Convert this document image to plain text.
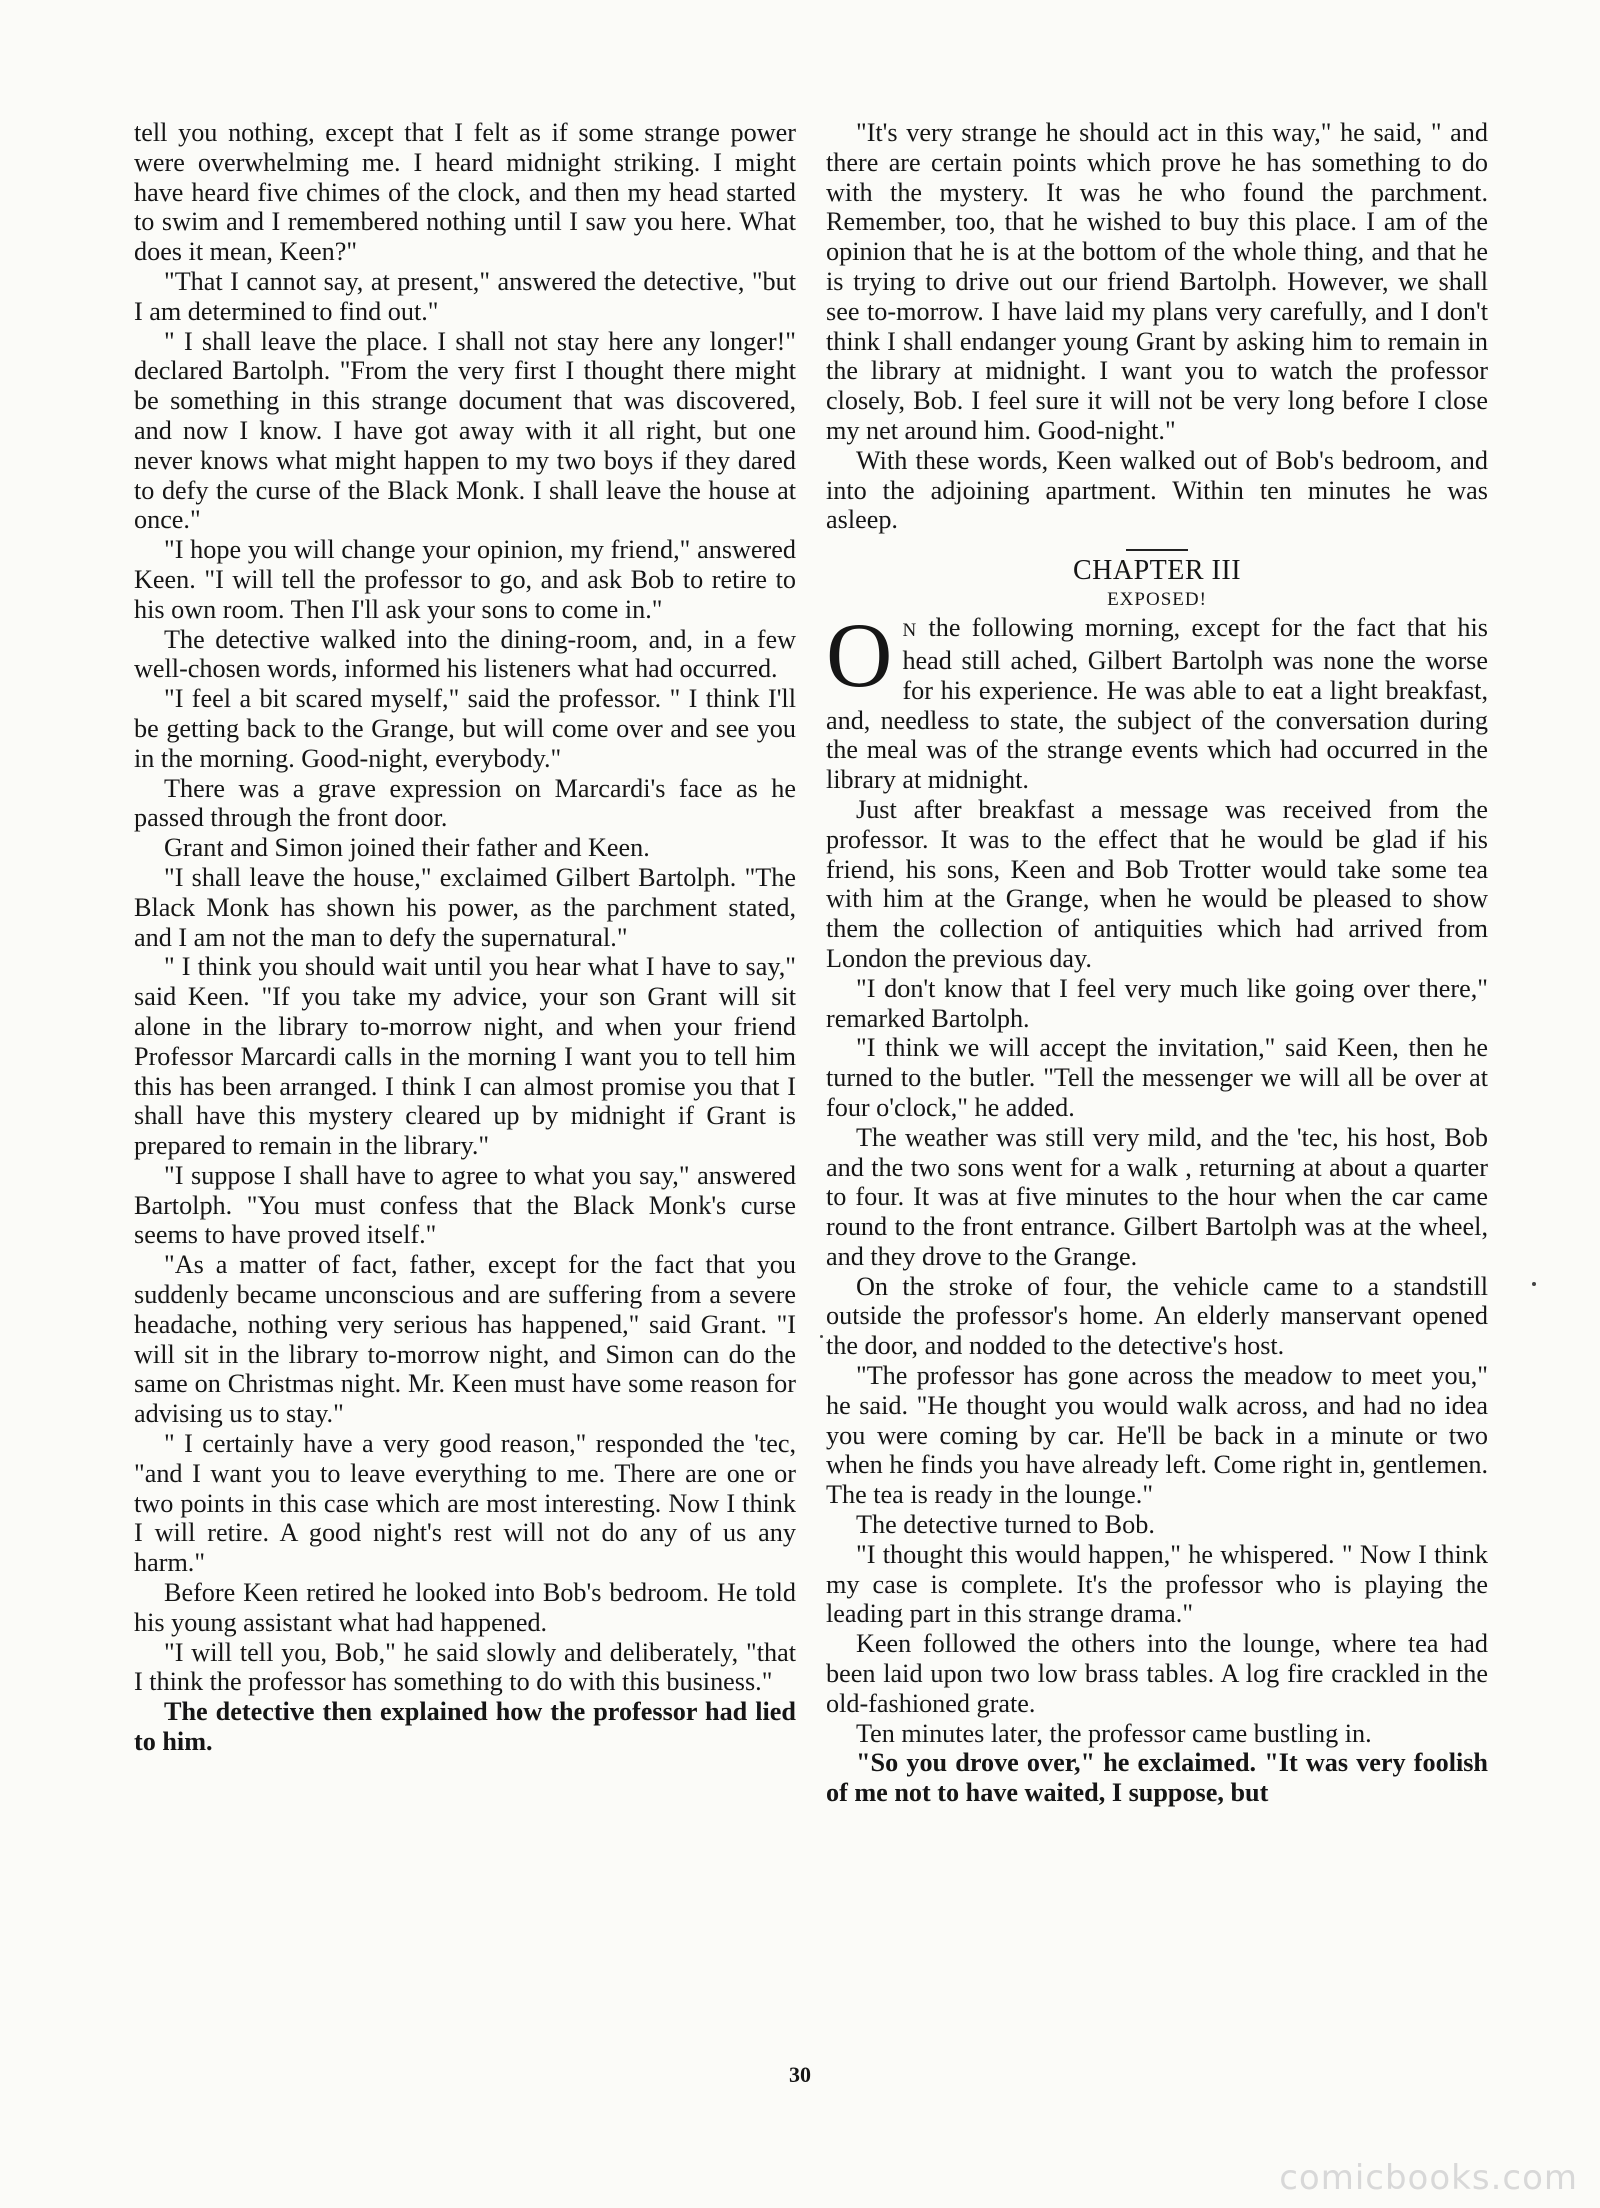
tell you nothing, except that I felt as if some strange power were overwhelming me. I heard midnight striking. I might have heard five chimes of the clock, and then my head started to swim and I remembered nothing until I saw you here. What does it mean, Keen?"

"That I cannot say, at present," answered the detective, "but I am determined to find out."

" I shall leave the place. I shall not stay here any longer!" declared Bartolph. "From the very first I thought there might be something in this strange document that was discovered, and now I know. I have got away with it all right, but one never knows what might happen to my two boys if they dared to defy the curse of the Black Monk. I shall leave the house at once."

"I hope you will change your opinion, my friend," answered Keen. "I will tell the professor to go, and ask Bob to retire to his own room. Then I'll ask your sons to come in."

The detective walked into the dining-room, and, in a few well-chosen words, informed his listeners what had occurred.

"I feel a bit scared myself," said the professor. " I think I'll be getting back to the Grange, but will come over and see you in the morning. Good-night, everybody."

There was a grave expression on Marcardi's face as he passed through the front door.

Grant and Simon joined their father and Keen.

"I shall leave the house," exclaimed Gilbert Bartolph. "The Black Monk has shown his power, as the parchment stated, and I am not the man to defy the supernatural."

" I think you should wait until you hear what I have to say," said Keen. "If you take my advice, your son Grant will sit alone in the library to-morrow night, and when your friend Professor Marcardi calls in the morning I want you to tell him this has been arranged. I think I can almost promise you that I shall have this mystery cleared up by midnight if Grant is prepared to remain in the library."

"I suppose I shall have to agree to what you say," answered Bartolph. "You must confess that the Black Monk's curse seems to have proved itself."

"As a matter of fact, father, except for the fact that you suddenly became unconscious and are suffering from a severe headache, nothing very serious has happened," said Grant. "I will sit in the library to-morrow night, and Simon can do the same on Christmas night. Mr. Keen must have some reason for advising us to stay."

" I certainly have a very good reason," responded the 'tec, "and I want you to leave everything to me. There are one or two points in this case which are most interesting. Now I think I will retire. A good night's rest will not do any of us any harm."

Before Keen retired he looked into Bob's bedroom. He told his young assistant what had happened.

"I will tell you, Bob," he said slowly and deliberately, "that I think the professor has something to do with this business."

The detective then explained how the professor had lied to him.

"It's very strange he should act in this way," he said, " and there are certain points which prove he has something to do with the mystery. It was he who found the parchment. Remember, too, that he wished to buy this place. I am of the opinion that he is at the bottom of the whole thing, and that he is trying to drive out our friend Bartolph. However, we shall see to-morrow. I have laid my plans very carefully, and I don't think I shall endanger young Grant by asking him to remain in the library at midnight. I want you to watch the professor closely, Bob. I feel sure it will not be very long before I close my net around him. Good-night."

With these words, Keen walked out of Bob's bedroom, and into the adjoining apartment. Within ten minutes he was asleep.

CHAPTER III
EXPOSED!

O N the following morning, except for the fact that his head still ached, Gilbert Bartolph was none the worse for his experience. He was able to eat a light breakfast, and, needless to state, the subject of the conversation during the meal was of the strange events which had occurred in the library at midnight.

Just after breakfast a message was received from the professor. It was to the effect that he would be glad if his friend, his sons, Keen and Bob Trotter would take some tea with him at the Grange, when he would be pleased to show them the collection of antiquities which had arrived from London the previous day.

"I don't know that I feel very much like going over there," remarked Bartolph.

"I think we will accept the invitation," said Keen, then he turned to the butler. "Tell the messenger we will all be over at four o'clock," he added.

The weather was still very mild, and the 'tec, his host, Bob and the two sons went for a walk , returning at about a quarter to four. It was at five minutes to the hour when the car came round to the front entrance. Gilbert Bartolph was at the wheel, and they drove to the Grange.

On the stroke of four, the vehicle came to a standstill outside the professor's home. An elderly manservant opened the door, and nodded to the detective's host.

"The professor has gone across the meadow to meet you," he said. "He thought you would walk across, and had no idea you were coming by car. He'll be back in a minute or two when he finds you have already left. Come right in, gentlemen. The tea is ready in the lounge."

The detective turned to Bob.

"I thought this would happen," he whispered. " Now I think my case is complete. It's the professor who is playing the leading part in this strange drama."

Keen followed the others into the lounge, where tea had been laid upon two low brass tables. A log fire crackled in the old-fashioned grate.

Ten minutes later, the professor came bustling in.

"So you drove over," he exclaimed. "It was very foolish of me not to have waited, I suppose, but

30
comicbooks.com
